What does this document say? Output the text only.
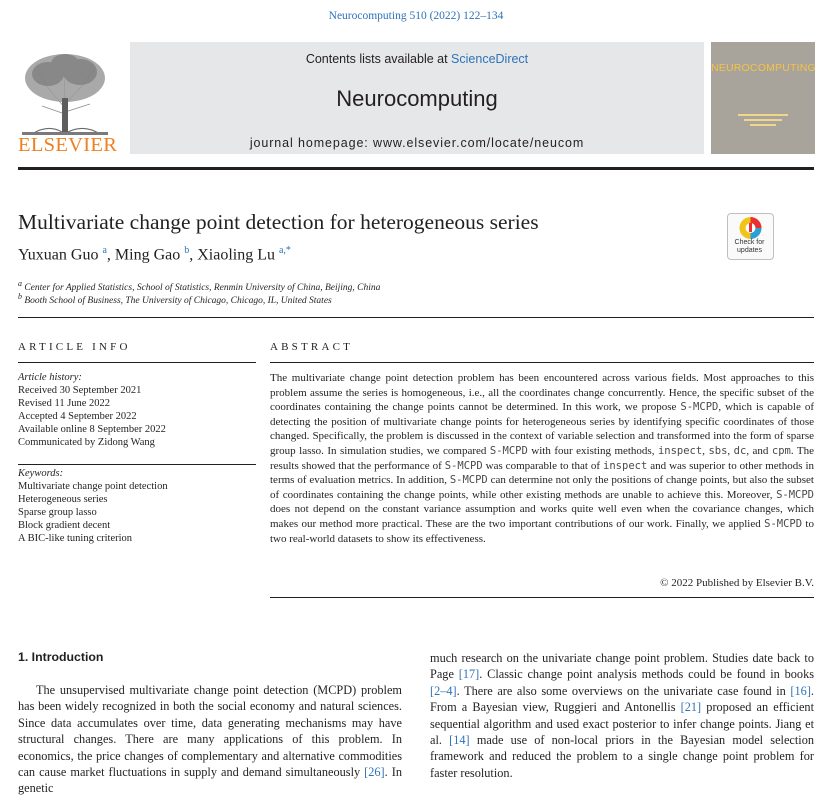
Neurocomputing 510 (2022) 122–134
ELSEVIER
Contents lists available at ScienceDirect
Neurocomputing
journal homepage: www.elsevier.com/locate/neucom
NEUROCOMPUTING
Multivariate change point detection for heterogeneous series
Yuxuan Guo $^a$, Ming Gao $^b$, Xiaoling Lu $^{a,*}$
Check for updates
$^a$ Center for Applied Statistics, School of Statistics, Renmin University of China, Beijing, China
$^b$ Booth School of Business, The University of Chicago, Chicago, IL, United States
ARTICLE INFO	ABSTRACT
Article history:
Received 30 September 2021
Revised 11 June 2022
Accepted 4 September 2022
Available online 8 September 2022
Communicated by Zidong Wang
Keywords:
Multivariate change point detection
Heterogeneous series
Sparse group lasso
Block gradient decent
A BIC-like tuning criterion
The multivariate change point detection problem has been encountered across various fields. Most approaches to this problem assume the series is homogeneous, i.e., all the coordinates change concurrently. Hence, the specific subset of the coordinates containing the change points cannot be determined. In this work, we propose S-MCPD, which is capable of detecting the position of multivariate change points for heterogeneous series by identifying specific coordinates of those changed. Specifically, the problem is discussed in the context of variable selection and transformed into the form of sparse group lasso. In simulation studies, we compared S-MCPD with four existing methods, inspect, sbs, dc, and cpm. The results showed that the performance of S-MCPD was comparable to that of inspect and was superior to other methods in terms of evaluation metrics. In addition, S-MCPD can determine not only the positions of change points, but also the subset of coordinates containing the change points, while other existing methods are unable to achieve this. Moreover, S-MCPD does not depend on the constant variance assumption and works quite well even when the covariance changes, which makes our method more practical. These are the two important contributions of our work. Finally, we applied S-MCPD to two real-world datasets to show its effectiveness.
© 2022 Published by Elsevier B.V.
1. Introduction
The unsupervised multivariate change point detection (MCPD) problem has been widely recognized in both the social economy and natural sciences. Since data accumulates over time, data generating mechanisms may have structural changes. There are many applications of this problem. In economics, the price changes of complementary and alternative commodities can cause market fluctuations in supply and demand simultaneously [26]. In genetic
much research on the univariate change point problem. Studies date back to Page [17]. Classic change point analysis methods could be found in books [2–4]. There are also some overviews on the univariate case found in [16]. From a Bayesian view, Ruggieri and Antonellis [21] proposed an efficient sequential algorithm and used exact posterior to infer change points. Jiang et al. [14] made use of non-local priors in the Bayesian model selection framework and reduced the problem to a single change point problem for faster resolution.
